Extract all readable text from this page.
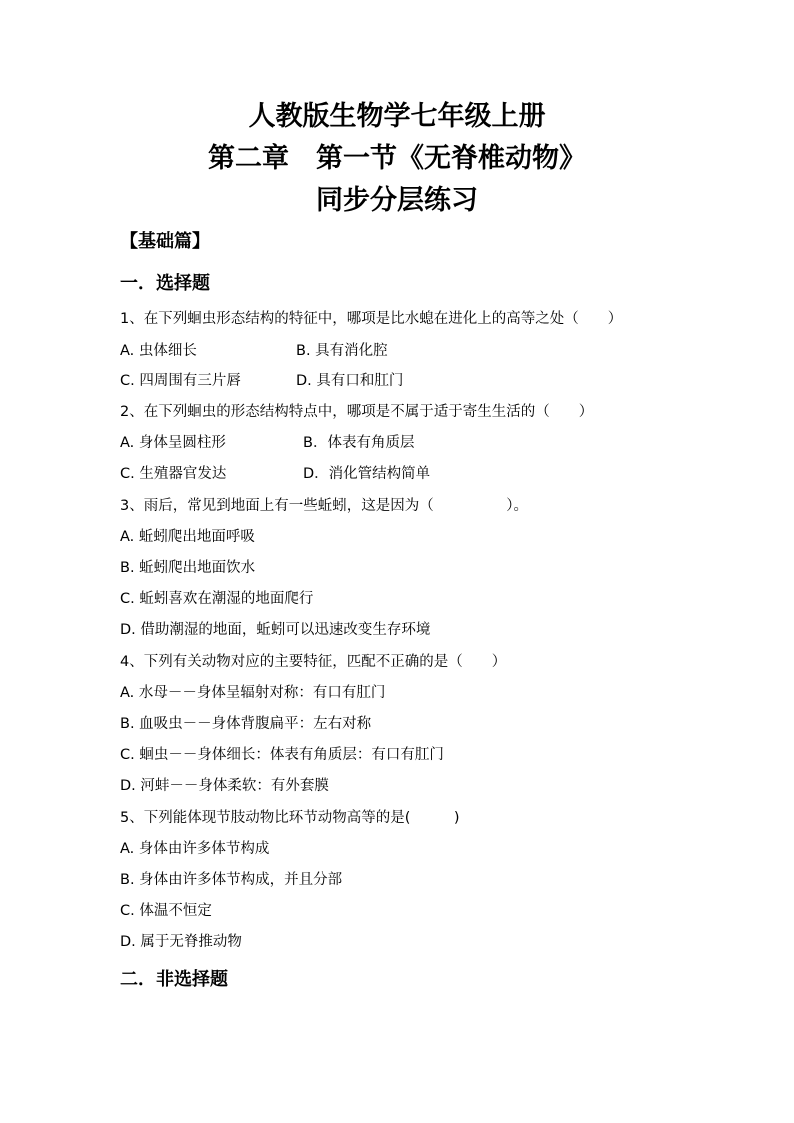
人教版生物学七年级上册
第二章　第一节《无脊椎动物》
同步分层练习
【基础篇】
一．选择题
1、在下列蛔虫形态结构的特征中，哪项是比水螅在进化上的高等之处（　　）
A. 虫体细长	B. 具有消化腔
C. 四周围有三片唇	D. 具有口和肛门
2、在下列蛔虫的形态结构特点中，哪项是不属于适于寄生生活的（　　）
A. 身体呈圆柱形	B．体表有角质层
C. 生殖器官发达	D．消化管结构简单
3、雨后，常见到地面上有一些蚯蚓，这是因为（　　　　　）。
A. 蚯蚓爬出地面呼吸
B. 蚯蚓爬出地面饮水
C. 蚯蚓喜欢在潮湿的地面爬行
D. 借助潮湿的地面，蚯蚓可以迅速改变生存环境
4、下列有关动物对应的主要特征，匹配不正确的是（　　）
A. 水母－－身体呈辐射对称：有口有肛门
B. 血吸虫－－身体背腹扁平：左右对称
C. 蛔虫－－身体细长：体表有角质层：有口有肛门
D. 河蚌－－身体柔软：有外套膜
5、下列能体现节肢动物比环节动物高等的是(　　　)
A. 身体由许多体节构成
B. 身体由许多体节构成，并且分部
C. 体温不恒定
D. 属于无脊推动物
二．非选择题
